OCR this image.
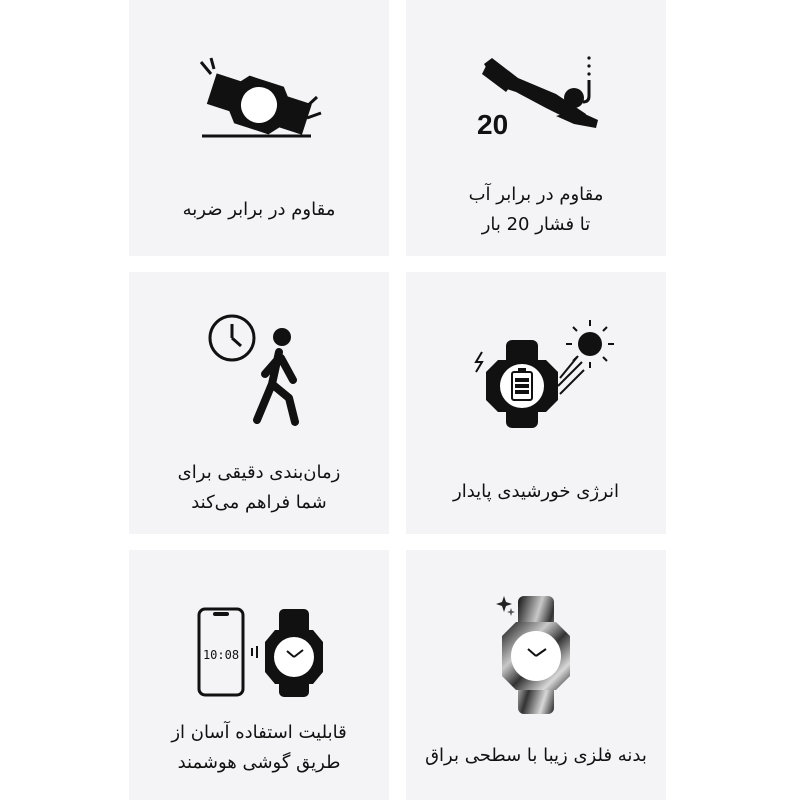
مقاوم در برابر ضربه
20
مقاوم در برابر آب
تا فشار 20 بار
زمان‌بندی دقیقی برای
شما فراهم می‌کند
انرژی خورشیدی پایدار
10:08
قابلیت استفاده آسان از
طریق گوشی هوشمند	بدنه فلزی زیبا با سطحی براق
